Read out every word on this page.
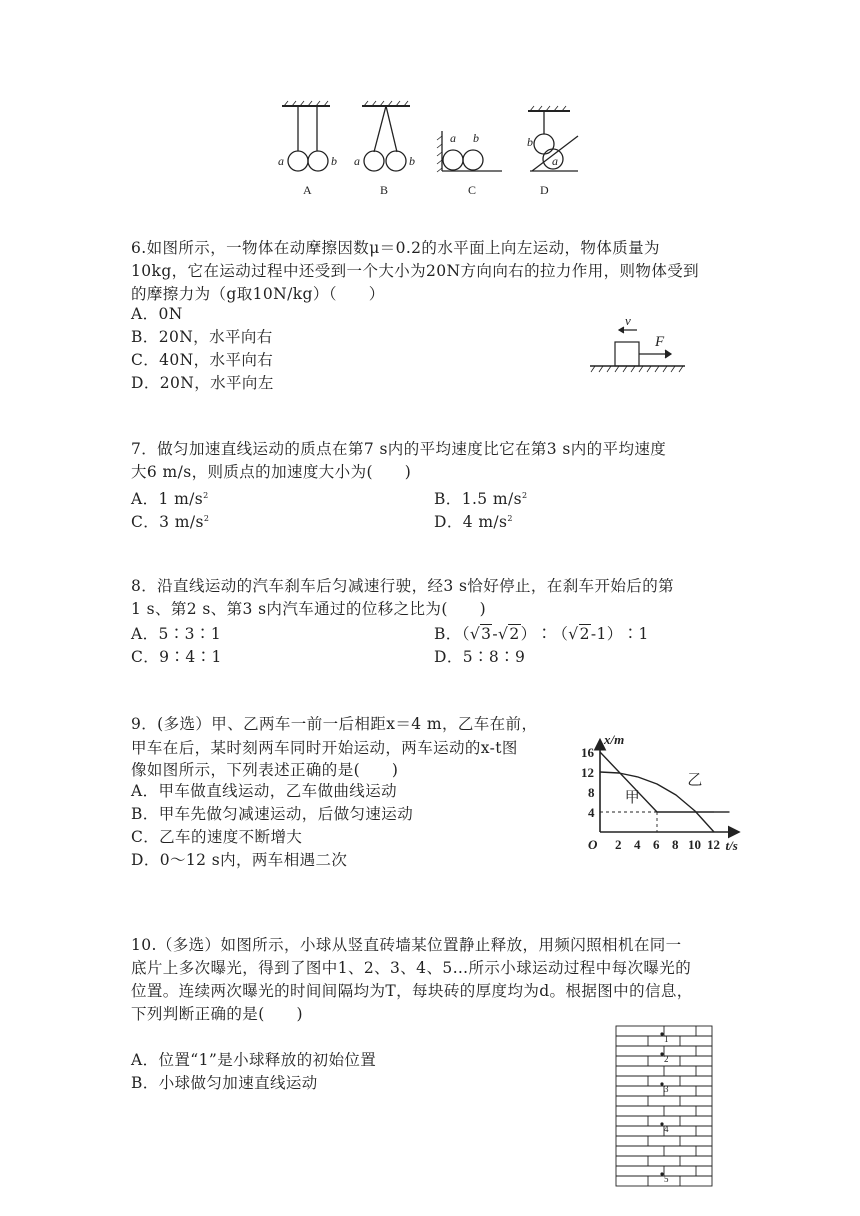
a	b a	b
a b	b
a
A	B	C	D
6.如图所示，一物体在动摩擦因数μ＝0.2的水平面上向左运动，物体质量为
10kg，它在运动过程中还受到一个大小为20N方向向右的拉力作用，则物体受到
的摩擦力为（g取10N/kg）（　　）
A．0N
B．20N，水平向右
C．40N，水平向右
D．20N，水平向左
v
F
7．做匀加速直线运动的质点在第7 s内的平均速度比它在第3 s内的平均速度
大6 m/s，则质点的加速度大小为(　　)
A．1 $m/s^2$	B．1.5 $m/s^2$
C．3 $m/s^2$	D．4 $m/s^2$
8．沿直线运动的汽车刹车后匀减速行驶，经3 s恰好停止，在刹车开始后的第
1 s、第2 s、第3 s内汽车通过的位移之比为(　　)
A．5∶3∶1	B．（√3-√2）∶（√2-1）∶1
C．9∶4∶1	D．5∶8∶9
9．(多选）甲、乙两车一前一后相距x＝4 m，乙车在前，
甲车在后，某时刻两车同时开始运动，两车运动的x-t图
像如图所示，下列表述正确的是(　　)
A．甲车做直线运动，乙车做曲线运动
B．甲车先做匀减速运动，后做匀速运动
C．乙车的速度不断增大
D．0～12 s内，两车相遇二次
x/m
t/s
O 2 4 6 8 10 12
16
12
8
4
甲
乙
10.（多选）如图所示，小球从竖直砖墙某位置静止释放，用频闪照相机在同一
底片上多次曝光，得到了图中1、2、3、4、5…所示小球运动过程中每次曝光的
位置。连续两次曝光的时间间隔均为T，每块砖的厚度均为d。根据图中的信息，
下列判断正确的是(　　)
A．位置“1”是小球释放的初始位置
B．小球做匀加速直线运动
1
2
3
4
5
